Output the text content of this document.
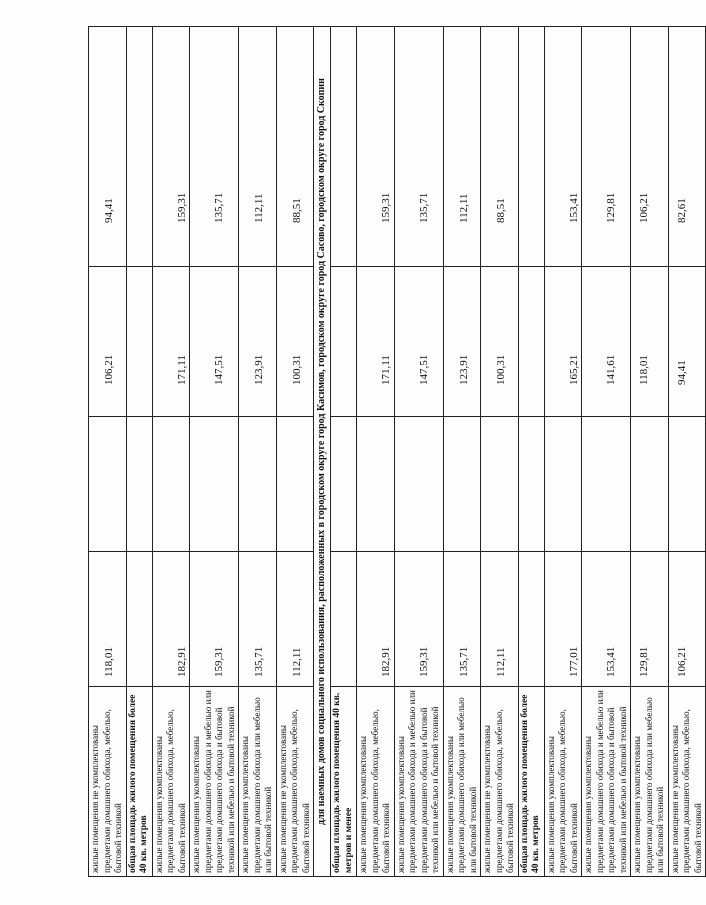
жилые помещения не укомплектованы предметами домашнего обихода, мебелью, бытовой техникой	118,01		106,21	94,41

общая площадь жилого помещения более 40 кв. метров	

жилые помещения укомплектованы предметами домашнего обихода, мебелью, бытовой техникой	182,91		171,11	159,31

жилые помещения укомплектованы предметами домашнего обихода и мебелью или предметами домашнего обихода и бытовой техникой или мебелью и бытовой техникой	159,31		147,51	135,71

жилые помещения укомплектованы предметами домашнего обихода или мебелью или бытовой техникой	135,71		123,91	112,11

жилые помещения не укомплектованы предметами домашнего обихода, мебелью, бытовой техникой	112,11		100,31	88,51

для наемных домов социального использования, расположенных в городском округе город Касимов, городском округе город Сасово, городском округе город Скопин				
общая площадь жилого помещения 40 кв. метров и менее	

жилые помещения укомплектованы предметами домашнего обихода, мебелью, бытовой техникой	182,91		171,11	159,31

жилые помещения укомплектованы предметами домашнего обихода и мебелью или предметами домашнего обихода и бытовой техникой или мебелью и бытовой техникой	159,31		147,51	135,71

жилые помещения укомплектованы предметами домашнего обихода или мебелью или бытовой техникой	135,71		123,91	112,11

жилые помещения не укомплектованы предметами домашнего обихода, мебелью, бытовой техникой	112,11		100,31	88,51

общая площадь жилого помещения более 40 кв. метров	

жилые помещения укомплектованы предметами домашнего обихода, мебелью, бытовой техникой	177,01		165,21	153,41

жилые помещения укомплектованы предметами домашнего обихода и мебелью или предметами домашнего обихода и бытовой техникой или мебелью и бытовой техникой	153,41		141,61	129,81

жилые помещения укомплектованы предметами домашнего обихода или мебелью или бытовой техникой	129,81		118,01	106,21

жилые помещения не укомплектованы предметами домашнего обихода, мебелью, бытовой техникой	106,21		94,41	82,61
